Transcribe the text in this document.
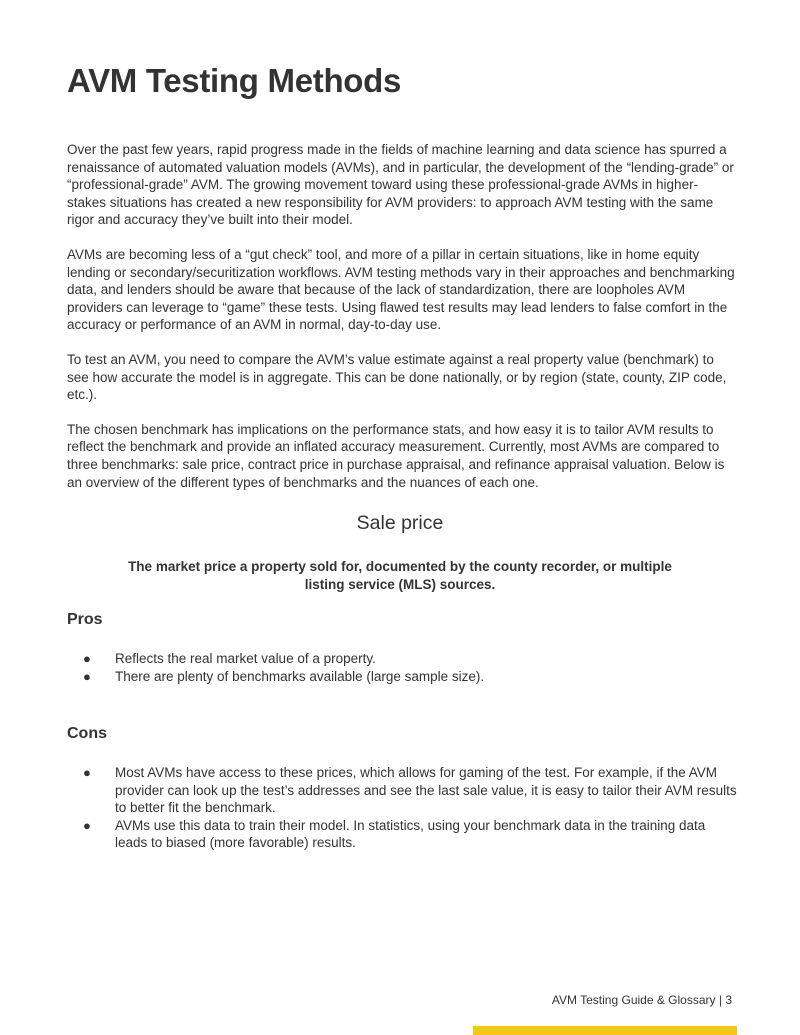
AVM Testing Methods

Over the past few years, rapid progress made in the fields of machine learning and data science has spurred a renaissance of automated valuation models (AVMs), and in particular, the development of the “lending-grade” or “professional-grade” AVM. The growing movement toward using these professional-grade AVMs in higher-stakes situations has created a new responsibility for AVM providers: to approach AVM testing with the same rigor and accuracy they’ve built into their model.

AVMs are becoming less of a “gut check” tool, and more of a pillar in certain situations, like in home equity lending or secondary/securitization workflows. AVM testing methods vary in their approaches and benchmarking data, and lenders should be aware that because of the lack of standardization, there are loopholes AVM providers can leverage to “game” these tests. Using flawed test results may lead lenders to false comfort in the accuracy or performance of an AVM in normal, day-to-day use.

To test an AVM, you need to compare the AVM’s value estimate against a real property value (benchmark) to see how accurate the model is in aggregate. This can be done nationally, or by region (state, county, ZIP code, etc.).

The chosen benchmark has implications on the performance stats, and how easy it is to tailor AVM results to reflect the benchmark and provide an inflated accuracy measurement. Currently, most AVMs are compared to three benchmarks: sale price, contract price in purchase appraisal, and refinance appraisal valuation. Below is an overview of the different types of benchmarks and the nuances of each one.

Sale price

The market price a property sold for, documented by the county recorder, or multiple listing service (MLS) sources.

Pros
● Reflects the real market value of a property.
● There are plenty of benchmarks available (large sample size).
Cons
● Most AVMs have access to these prices, which allows for gaming of the test. For example, if the AVM provider can look up the test’s addresses and see the last sale value, it is easy to tailor their AVM results to better fit the benchmark.
● AVMs use this data to train their model. In statistics, using your benchmark data in the training data leads to biased (more favorable) results.
AVM Testing Guide & Glossary | 3
